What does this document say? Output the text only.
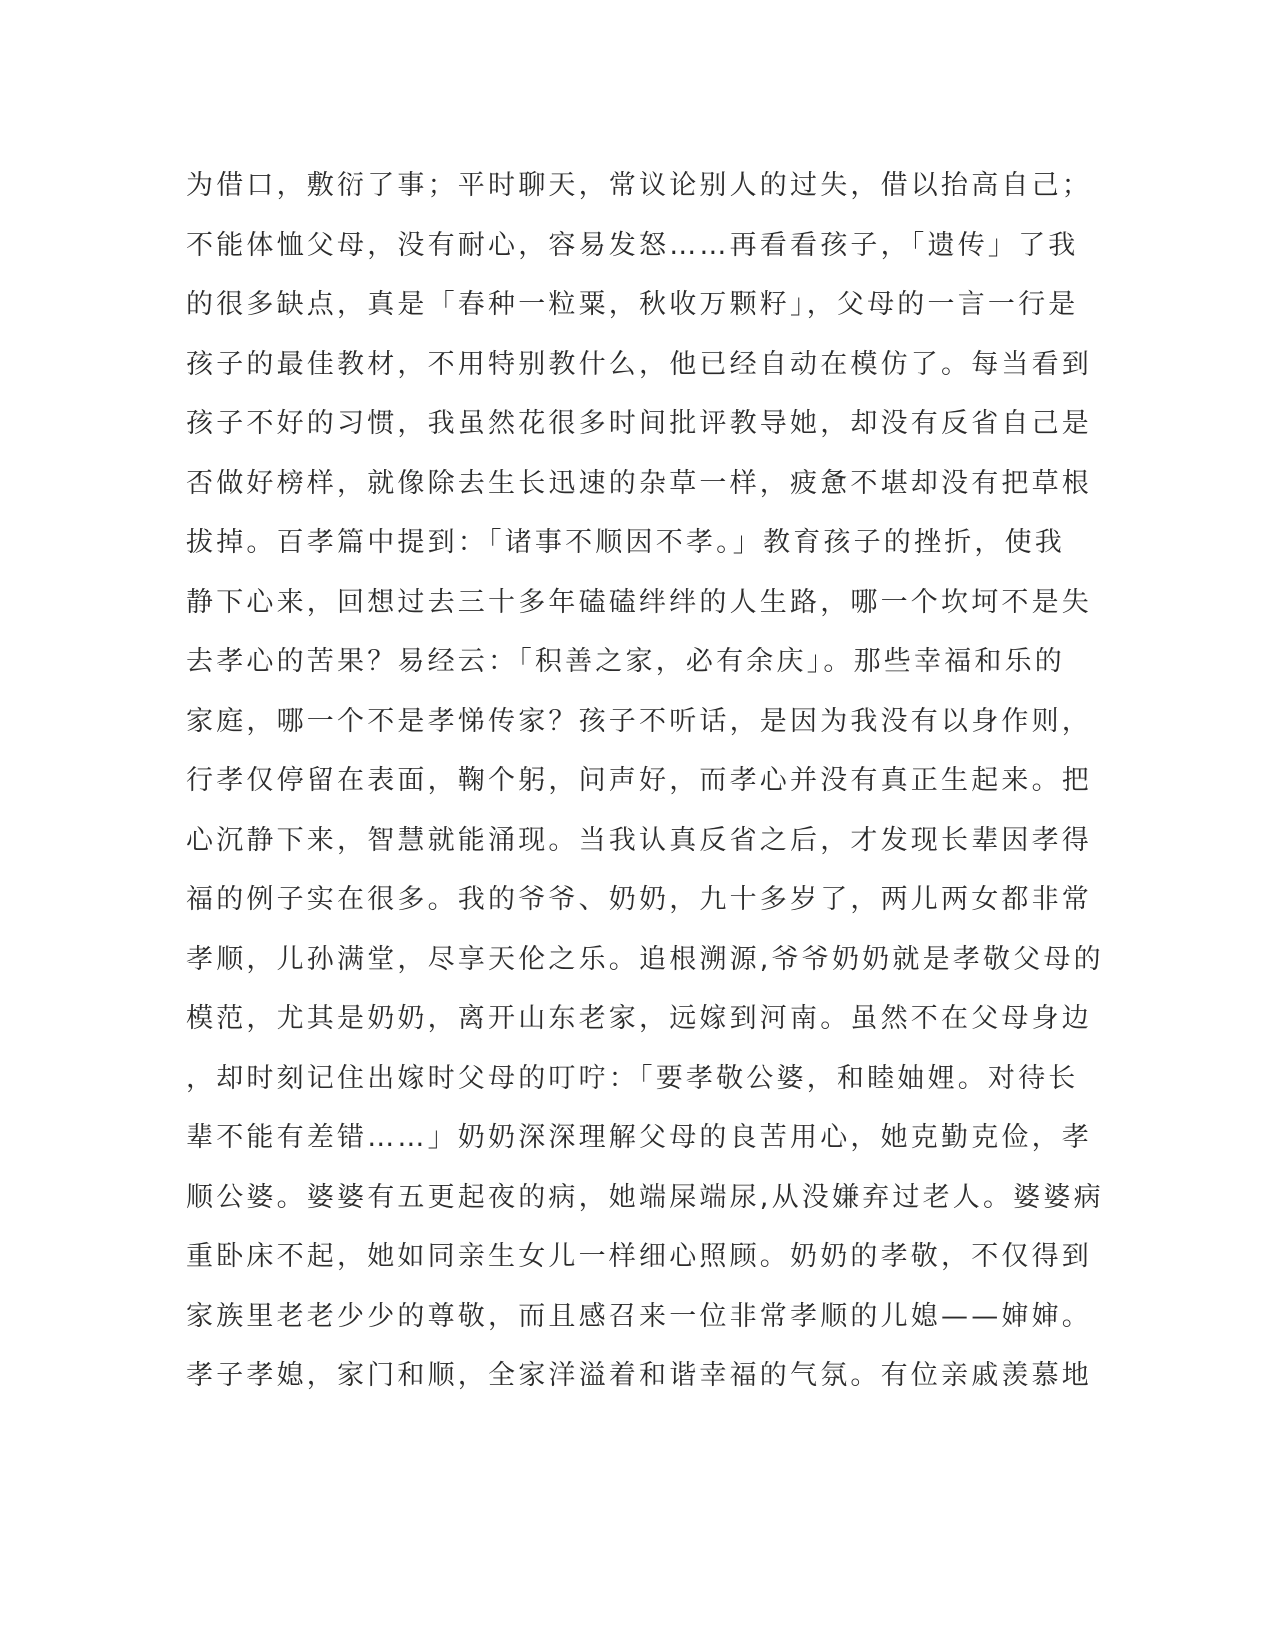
为借口，敷衍了事；平时聊天，常议论别人的过失，借以抬高自己；
不能体恤父母，没有耐心，容易发怒……再看看孩子，「遗传」了我
的很多缺点，真是「春种一粒粟，秋收万颗籽」，父母的一言一行是
孩子的最佳教材，不用特别教什么，他已经自动在模仿了。每当看到
孩子不好的习惯，我虽然花很多时间批评教导她，却没有反省自己是
否做好榜样，就像除去生长迅速的杂草一样，疲惫不堪却没有把草根
拔掉。百孝篇中提到：「诸事不顺因不孝。」教育孩子的挫折，使我
静下心来，回想过去三十多年磕磕绊绊的人生路，哪一个坎坷不是失
去孝心的苦果？易经云：「积善之家，必有余庆」。那些幸福和乐的
家庭，哪一个不是孝悌传家？孩子不听话，是因为我没有以身作则，
行孝仅停留在表面，鞠个躬，问声好，而孝心并没有真正生起来。把
心沉静下来，智慧就能涌现。当我认真反省之后，才发现长辈因孝得
福的例子实在很多。我的爷爷、奶奶，九十多岁了，两儿两女都非常
孝顺，儿孙满堂，尽享天伦之乐。追根溯源,爷爷奶奶就是孝敬父母的
模范，尤其是奶奶，离开山东老家，远嫁到河南。虽然不在父母身边
，却时刻记住出嫁时父母的叮咛：「要孝敬公婆，和睦妯娌。对待长
辈不能有差错……」奶奶深深理解父母的良苦用心，她克勤克俭，孝
顺公婆。婆婆有五更起夜的病，她端屎端尿,从没嫌弃过老人。婆婆病
重卧床不起，她如同亲生女儿一样细心照顾。奶奶的孝敬，不仅得到
家族里老老少少的尊敬，而且感召来一位非常孝顺的儿媳——婶婶。
孝子孝媳，家门和顺，全家洋溢着和谐幸福的气氛。有位亲戚羡慕地
